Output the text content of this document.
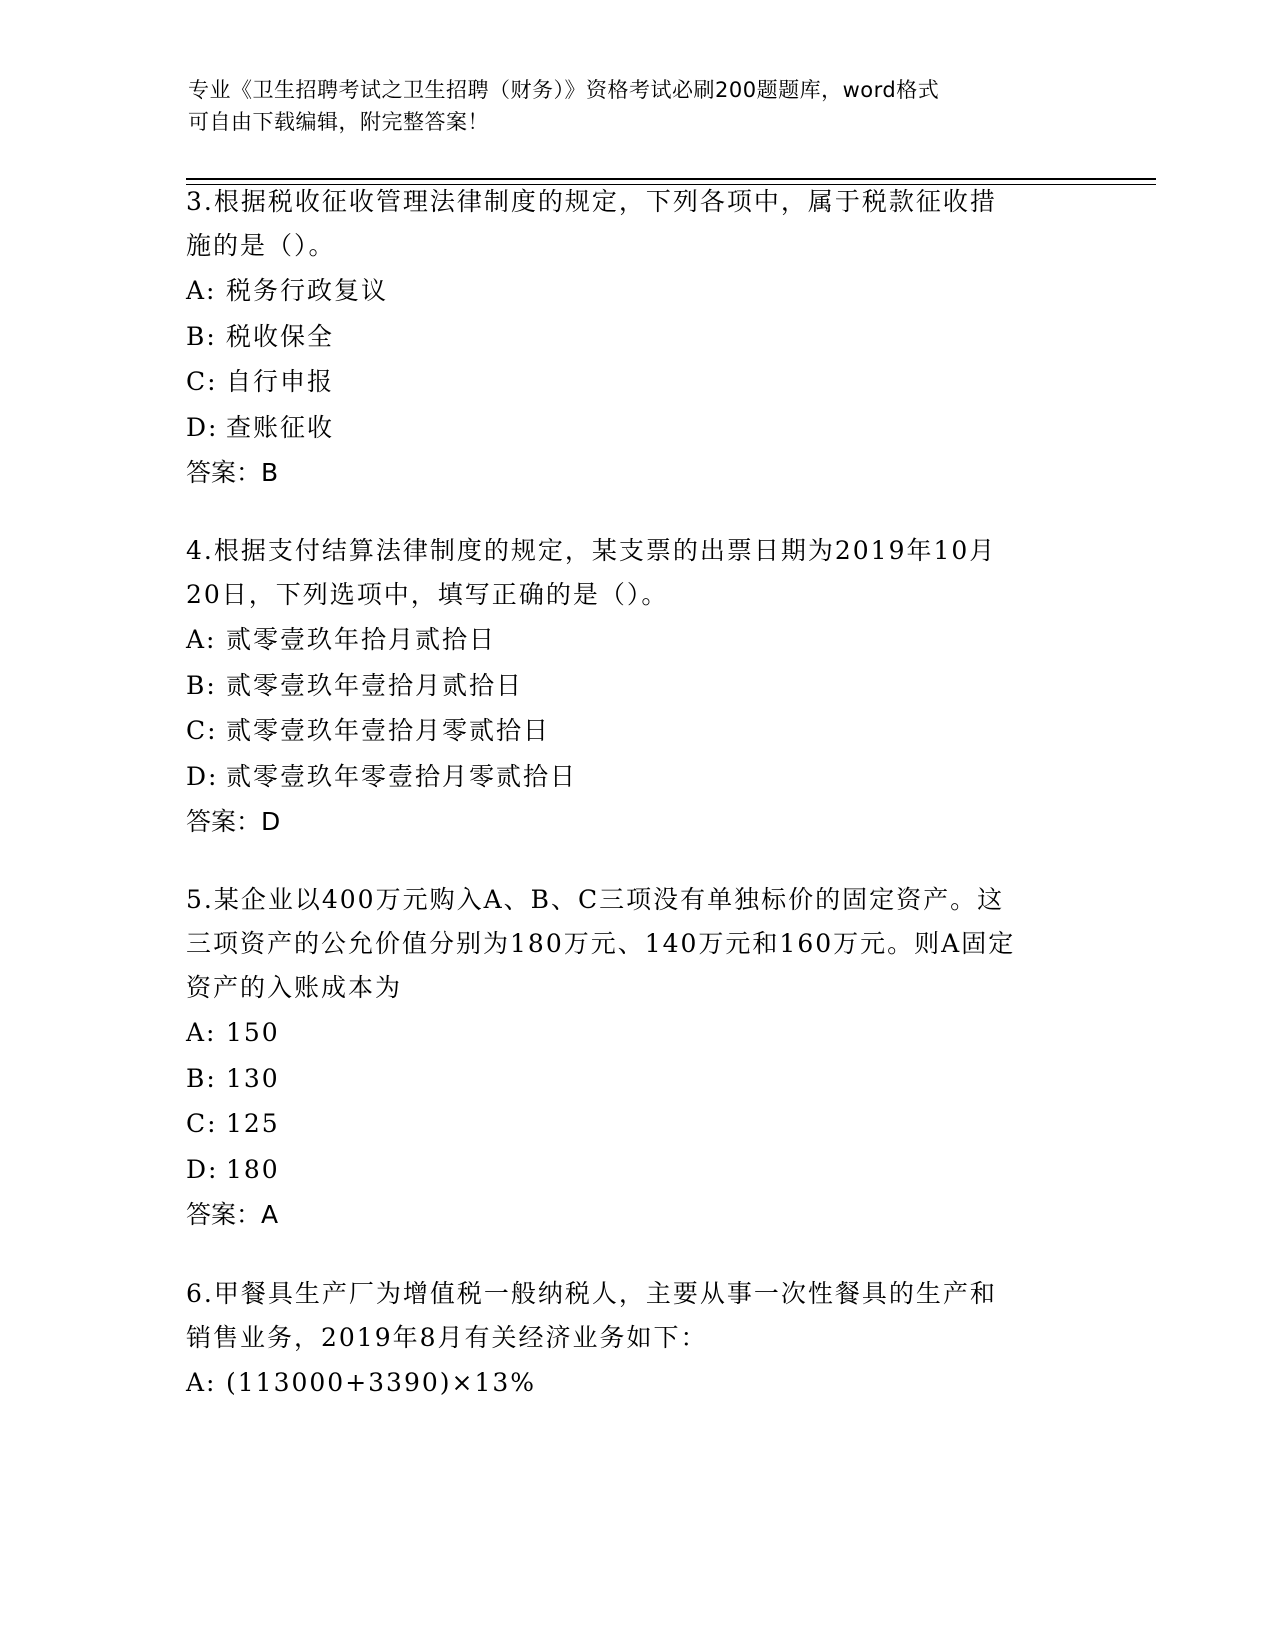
专业《卫生招聘考试之卫生招聘（财务）》资格考试必刷200题题库，word格式
可自由下载编辑，附完整答案！
3.根据税收征收管理法律制度的规定，下列各项中，属于税款征收措
施的是（）。
A: 税务行政复议
B: 税收保全
C: 自行申报
D: 查账征收
答案：B
4.根据支付结算法律制度的规定，某支票的出票日期为2019年10月
20日，下列选项中，填写正确的是（）。
A: 贰零壹玖年拾月贰拾日
B: 贰零壹玖年壹拾月贰拾日
C: 贰零壹玖年壹拾月零贰拾日
D: 贰零壹玖年零壹拾月零贰拾日
答案：D
5.某企业以400万元购入A、B、C三项没有单独标价的固定资产。这
三项资产的公允价值分别为180万元、140万元和160万元。则A固定
资产的入账成本为
A: 150
B: 130
C: 125
D: 180
答案：A
6.甲餐具生产厂为增值税一般纳税人，主要从事一次性餐具的生产和
销售业务，2019年8月有关经济业务如下：
A: (113000+3390)×13%
